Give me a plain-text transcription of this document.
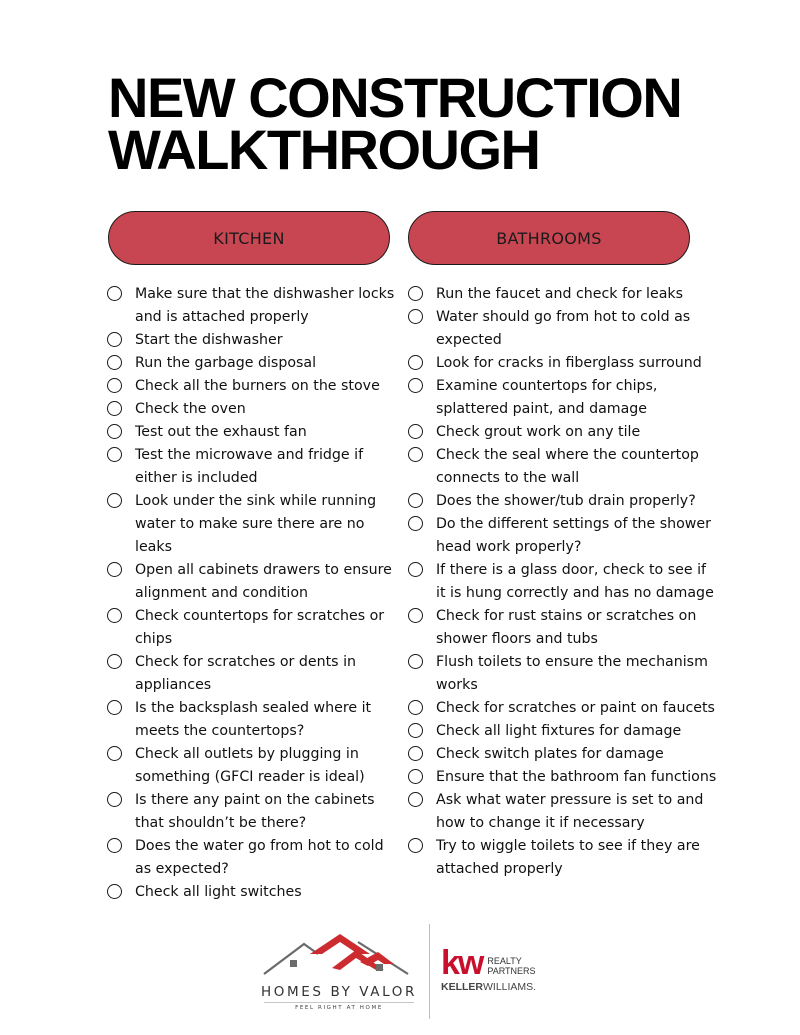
NEW CONSTRUCTION
WALKTHROUGH
KITCHEN	BATHROOMS
Make sure that the dishwasher locks and is attached properly
Start the dishwasher
Run the garbage disposal
Check all the burners on the stove
Check the oven
Test out the exhaust fan
Test the microwave and fridge if either is included
Look under the sink while running water to make sure there are no leaks
Open all cabinets drawers to ensure alignment and condition
Check countertops for scratches or chips
Check for scratches or dents in appliances
Is the backsplash sealed where it meets the countertops?
Check all outlets by plugging in something (GFCI reader is ideal)
Is there any paint on the cabinets that shouldn’t be there?
Does the water go from hot to cold as expected?
Check all light switches
Run the faucet and check for leaks
Water should go from hot to cold as expected
Look for cracks in fiberglass surround
Examine countertops for chips, splattered paint, and damage
Check grout work on any tile
Check the seal where the countertop connects to the wall
Does the shower/tub drain properly?
Do the different settings of the shower head work properly?
If there is a glass door, check to see if it is hung correctly and has no damage
Check for rust stains or scratches on shower floors and tubs
Flush toilets to ensure the mechanism works
Check for scratches or paint on faucets
Check all light fixtures for damage
Check switch plates for damage
Ensure that the bathroom fan functions
Ask what water pressure is set to and how to change it if necessary
Try to wiggle toilets to see if they are attached properly
HOMES BY VALOR
FEEL RIGHT AT HOME
kw REALTY
PARTNERS
KELLERWILLIAMS.
